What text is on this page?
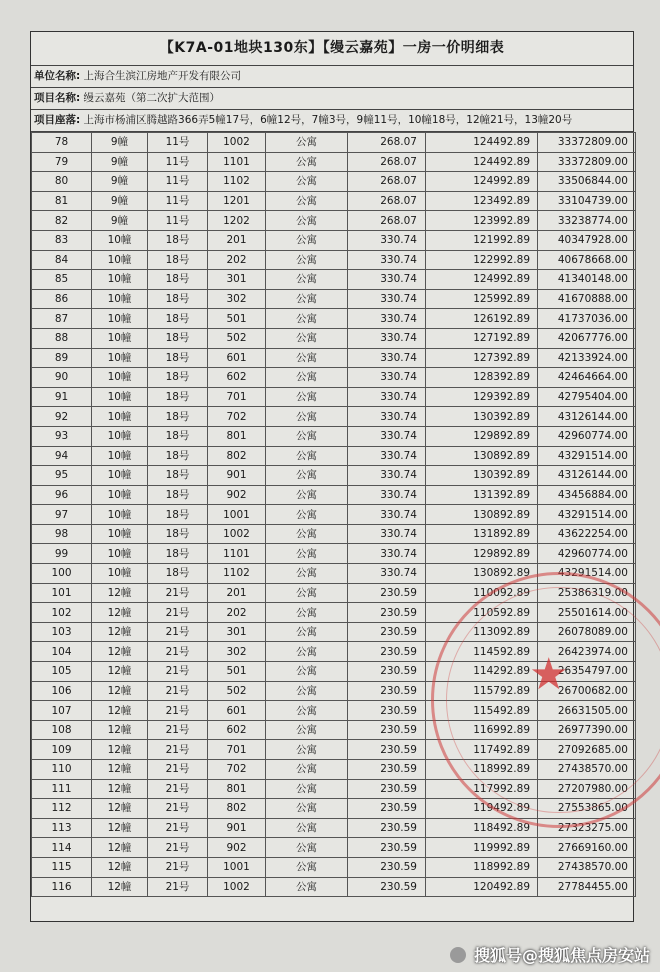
【K7A-01地块130东】【缦云嘉苑】一房一价明细表
单位名称: 上海合生滨江房地产开发有限公司
项目名称: 缦云嘉苑（第二次扩大范围）
项目座落: 上海市杨浦区腾越路366弄5幢17号，6幢12号，7幢3号，9幢11号，10幢18号，12幢21号，13幢20号
78	9幢	11号	1002	公寓	268.07	124492.89	33372809.00
79	9幢	11号	1101	公寓	268.07	124492.89	33372809.00
80	9幢	11号	1102	公寓	268.07	124992.89	33506844.00
81	9幢	11号	1201	公寓	268.07	123492.89	33104739.00
82	9幢	11号	1202	公寓	268.07	123992.89	33238774.00
83	10幢	18号	201	公寓	330.74	121992.89	40347928.00
84	10幢	18号	202	公寓	330.74	122992.89	40678668.00
85	10幢	18号	301	公寓	330.74	124992.89	41340148.00
86	10幢	18号	302	公寓	330.74	125992.89	41670888.00
87	10幢	18号	501	公寓	330.74	126192.89	41737036.00
88	10幢	18号	502	公寓	330.74	127192.89	42067776.00
89	10幢	18号	601	公寓	330.74	127392.89	42133924.00
90	10幢	18号	602	公寓	330.74	128392.89	42464664.00
91	10幢	18号	701	公寓	330.74	129392.89	42795404.00
92	10幢	18号	702	公寓	330.74	130392.89	43126144.00
93	10幢	18号	801	公寓	330.74	129892.89	42960774.00
94	10幢	18号	802	公寓	330.74	130892.89	43291514.00
95	10幢	18号	901	公寓	330.74	130392.89	43126144.00
96	10幢	18号	902	公寓	330.74	131392.89	43456884.00
97	10幢	18号	1001	公寓	330.74	130892.89	43291514.00
98	10幢	18号	1002	公寓	330.74	131892.89	43622254.00
99	10幢	18号	1101	公寓	330.74	129892.89	42960774.00
100	10幢	18号	1102	公寓	330.74	130892.89	43291514.00
101	12幢	21号	201	公寓	230.59	110092.89	25386319.00
102	12幢	21号	202	公寓	230.59	110592.89	25501614.00
103	12幢	21号	301	公寓	230.59	113092.89	26078089.00
104	12幢	21号	302	公寓	230.59	114592.89	26423974.00
105	12幢	21号	501	公寓	230.59	114292.89	26354797.00
106	12幢	21号	502	公寓	230.59	115792.89	26700682.00
107	12幢	21号	601	公寓	230.59	115492.89	26631505.00
108	12幢	21号	602	公寓	230.59	116992.89	26977390.00
109	12幢	21号	701	公寓	230.59	117492.89	27092685.00
110	12幢	21号	702	公寓	230.59	118992.89	27438570.00
111	12幢	21号	801	公寓	230.59	117992.89	27207980.00
112	12幢	21号	802	公寓	230.59	119492.89	27553865.00
113	12幢	21号	901	公寓	230.59	118492.89	27323275.00
114	12幢	21号	902	公寓	230.59	119992.89	27669160.00
115	12幢	21号	1001	公寓	230.59	118992.89	27438570.00
116	12幢	21号	1002	公寓	230.59	120492.89	27784455.00
★
搜狐号@搜狐焦点房安站
